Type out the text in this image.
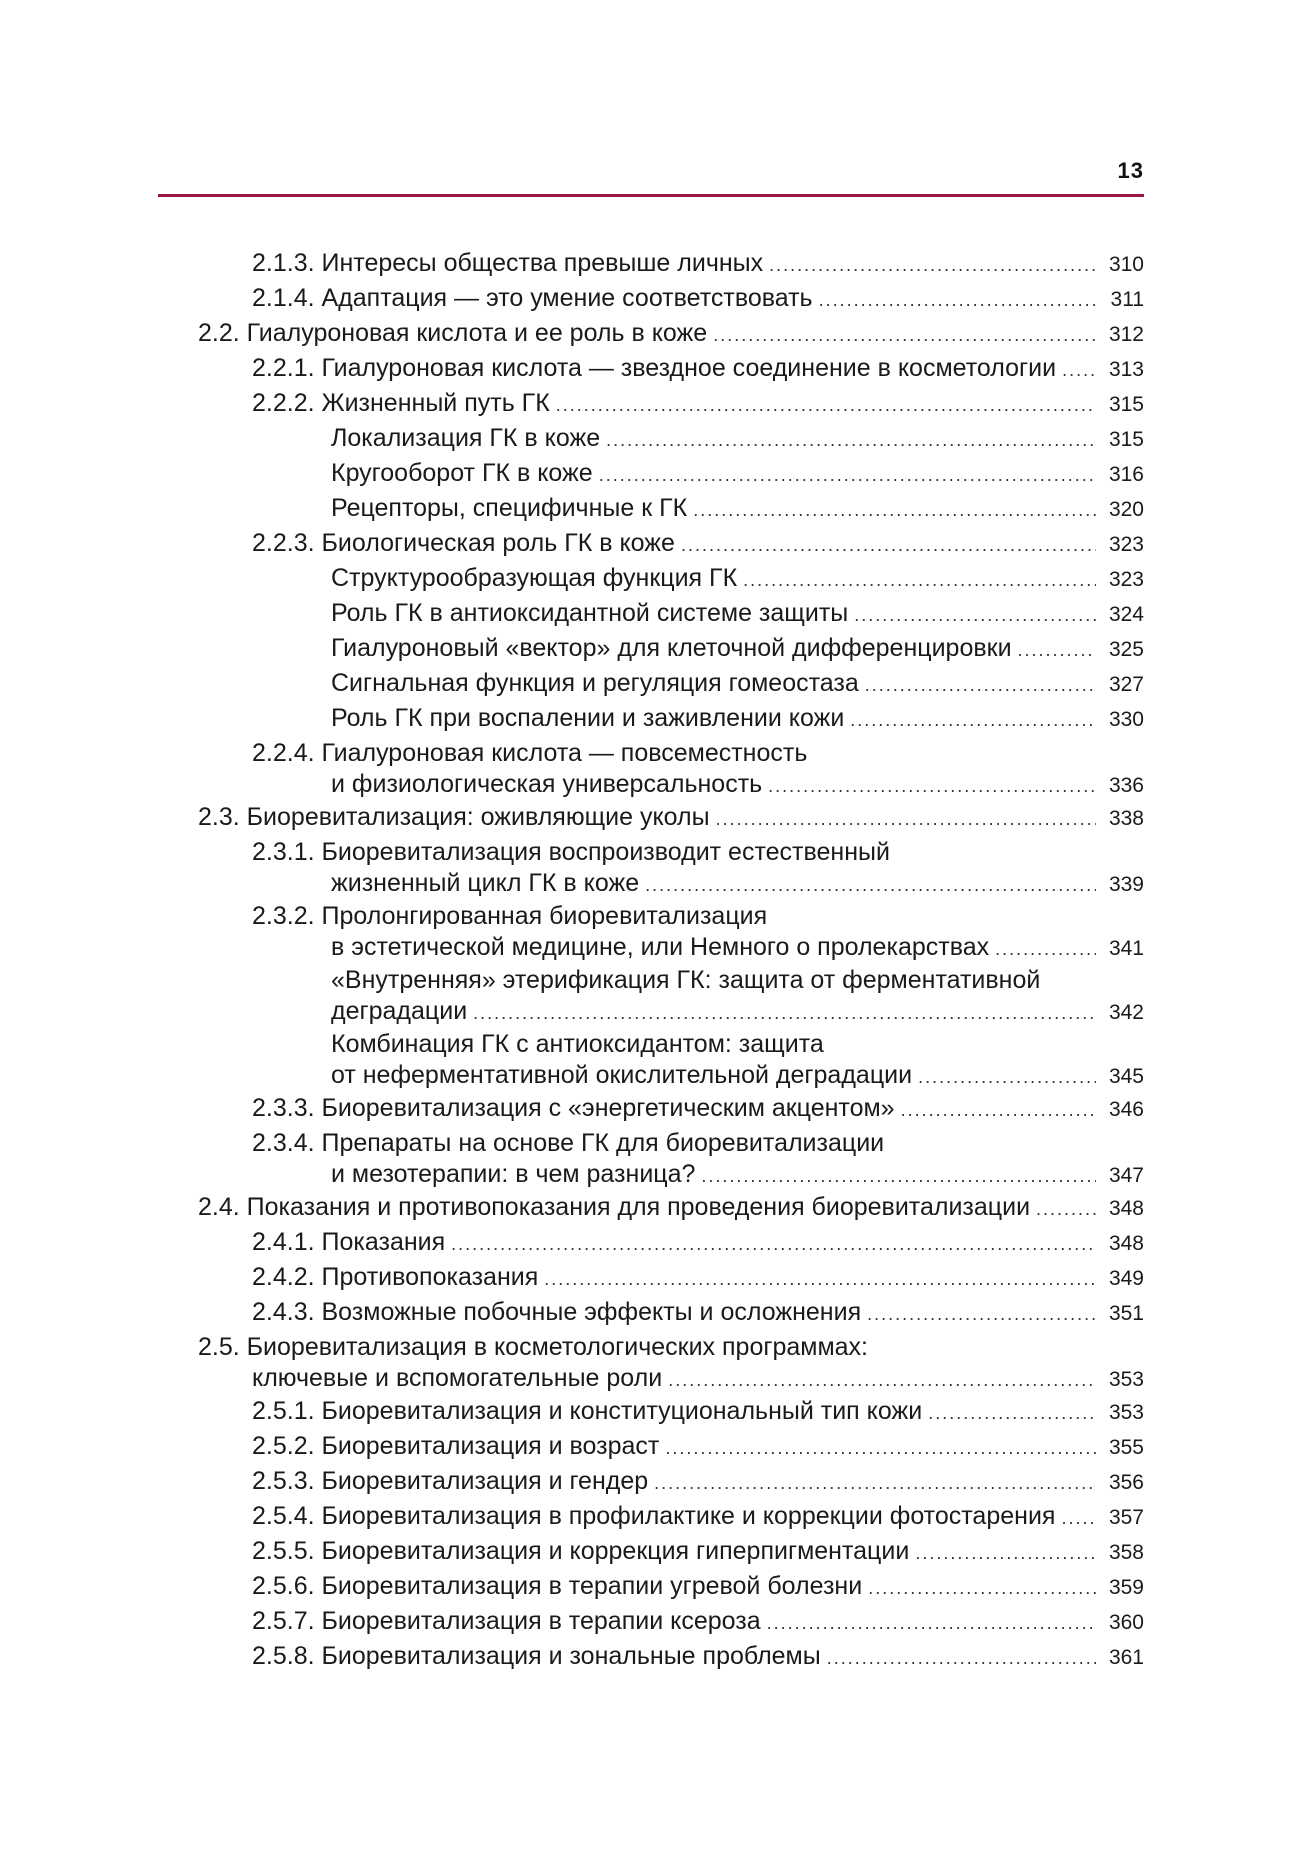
13
2.1.3. Интересы общества превыше личных .....	310
2.1.4. Адаптация — это умение соответствовать .....	311
2.2. Гиалуроновая кислота и ее роль в коже .....	312
2.2.1. Гиалуроновая кислота — звездное соединение в косметологии .....	313
2.2.2. Жизненный путь ГК .....	315
Локализация ГК в коже .....	315
Кругооборот ГК в коже .....	316
Рецепторы, специфичные к ГК .....	320
2.2.3. Биологическая роль ГК в коже .....	323
Структурообразующая функция ГК .....	323
Роль ГК в антиоксидантной системе защиты .....	324
Гиалуроновый «вектор» для клеточной дифференцировки .....	325
Сигнальная функция и регуляция гомеостаза .....	327
Роль ГК при воспалении и заживлении кожи .....	330
2.2.4. Гиалуроновая кислота — повсеместность
и физиологическая универсальность .....	336
2.3. Биоревитализация: оживляющие уколы .....	338
2.3.1. Биоревитализация воспроизводит естественный
жизненный цикл ГК в коже .....	339
2.3.2. Пролонгированная биоревитализация
в эстетической медицине, или Немного о пролекарствах .....	341
«Внутренняя» этерификация ГК: защита от ферментативной
деградации .....	342
Комбинация ГК с антиоксидантом: защита
от неферментативной окислительной деградации .....	345
2.3.3. Биоревитализация с «энергетическим акцентом» .....	346
2.3.4. Препараты на основе ГК для биоревитализации
и мезотерапии: в чем разница? .....	347
2.4. Показания и противопоказания для проведения биоревитализации .....	348
2.4.1. Показания .....	348
2.4.2. Противопоказания .....	349
2.4.3. Возможные побочные эффекты и осложнения .....	351
2.5. Биоревитализация в косметологических программах:
ключевые и вспомогательные роли .....	353
2.5.1. Биоревитализация и конституциональный тип кожи .....	353
2.5.2. Биоревитализация и возраст .....	355
2.5.3. Биоревитализация и гендер .....	356
2.5.4. Биоревитализация в профилактике и коррекции фотостарения .....	357
2.5.5. Биоревитализация и коррекция гиперпигментации .....	358
2.5.6. Биоревитализация в терапии угревой болезни .....	359
2.5.7. Биоревитализация в терапии ксероза .....	360
2.5.8. Биоревитализация и зональные проблемы .....	361
